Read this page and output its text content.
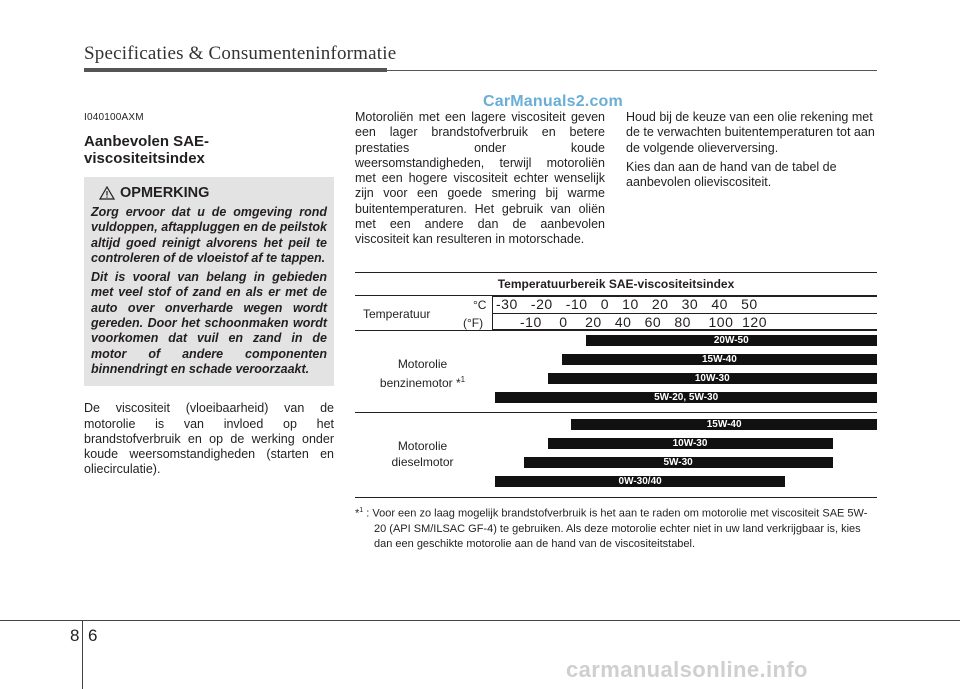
Specificaties & Consumenteninformatie
CarManuals2.com
I040100AXM
Aanbevolen SAE-
viscositeitsindex
OPMERKING

Zorg ervoor dat u de omgeving rond vuldoppen, aftappluggen en de peilstok altijd goed reinigt alvorens het peil te controleren of de vloeistof af te tappen.

Dit is vooral van belang in gebieden met veel stof of zand en als er met de auto over onverharde wegen wordt gereden. Door het schoonmaken wordt voorkomen dat vuil en zand in de motor of andere componenten binnendringt en schade veroorzaakt.

De viscositeit (vloeibaarheid) van de motorolie is van invloed op het brandstofverbruik en op de werking onder koude weersomstandigheden (starten en oliecirculatie).

Motoroliën met een lagere viscositeit geven een lager brandstofverbruik en betere prestaties onder koude weersomstandigheden, terwijl motoroliën met een hogere viscositeit echter wenselijk zijn voor een goede smering bij warme buitentemperaturen. Het gebruik van oliën met een andere dan de aanbevolen viscositeit kan resulteren in motorschade.

Houd bij de keuze van een olie rekening met de te verwachten buitentemperaturen tot aan de volgende olieverversing.

Kies dan aan de hand van de tabel de aanbevolen olieviscositeit.

Temperatuurbereik SAE-viscositeitsindex
Temperatuur
°C
(°F)
-30   -20   -10   0   10   20   30   40   50
-10    0    20   40   60   80    100  120
Motorolie
benzinemotor *$^1$
Motorolie
dieselmotor
20W-50
15W-40
10W-30
5W-20, 5W-30
15W-40
10W-30
5W-30
0W-30/40
*$^1$ : Voor een zo laag mogelijk brandstofverbruik is het aan te raden om motorolie met viscositeit SAE 5W-20 (API SM/ILSAC GF-4) te gebruiken. Als deze motorolie echter niet in uw land verkrijgbaar is, kies dan een geschikte motorolie aan de hand van de viscositeitstabel.
8 6
carmanualsonline.info
